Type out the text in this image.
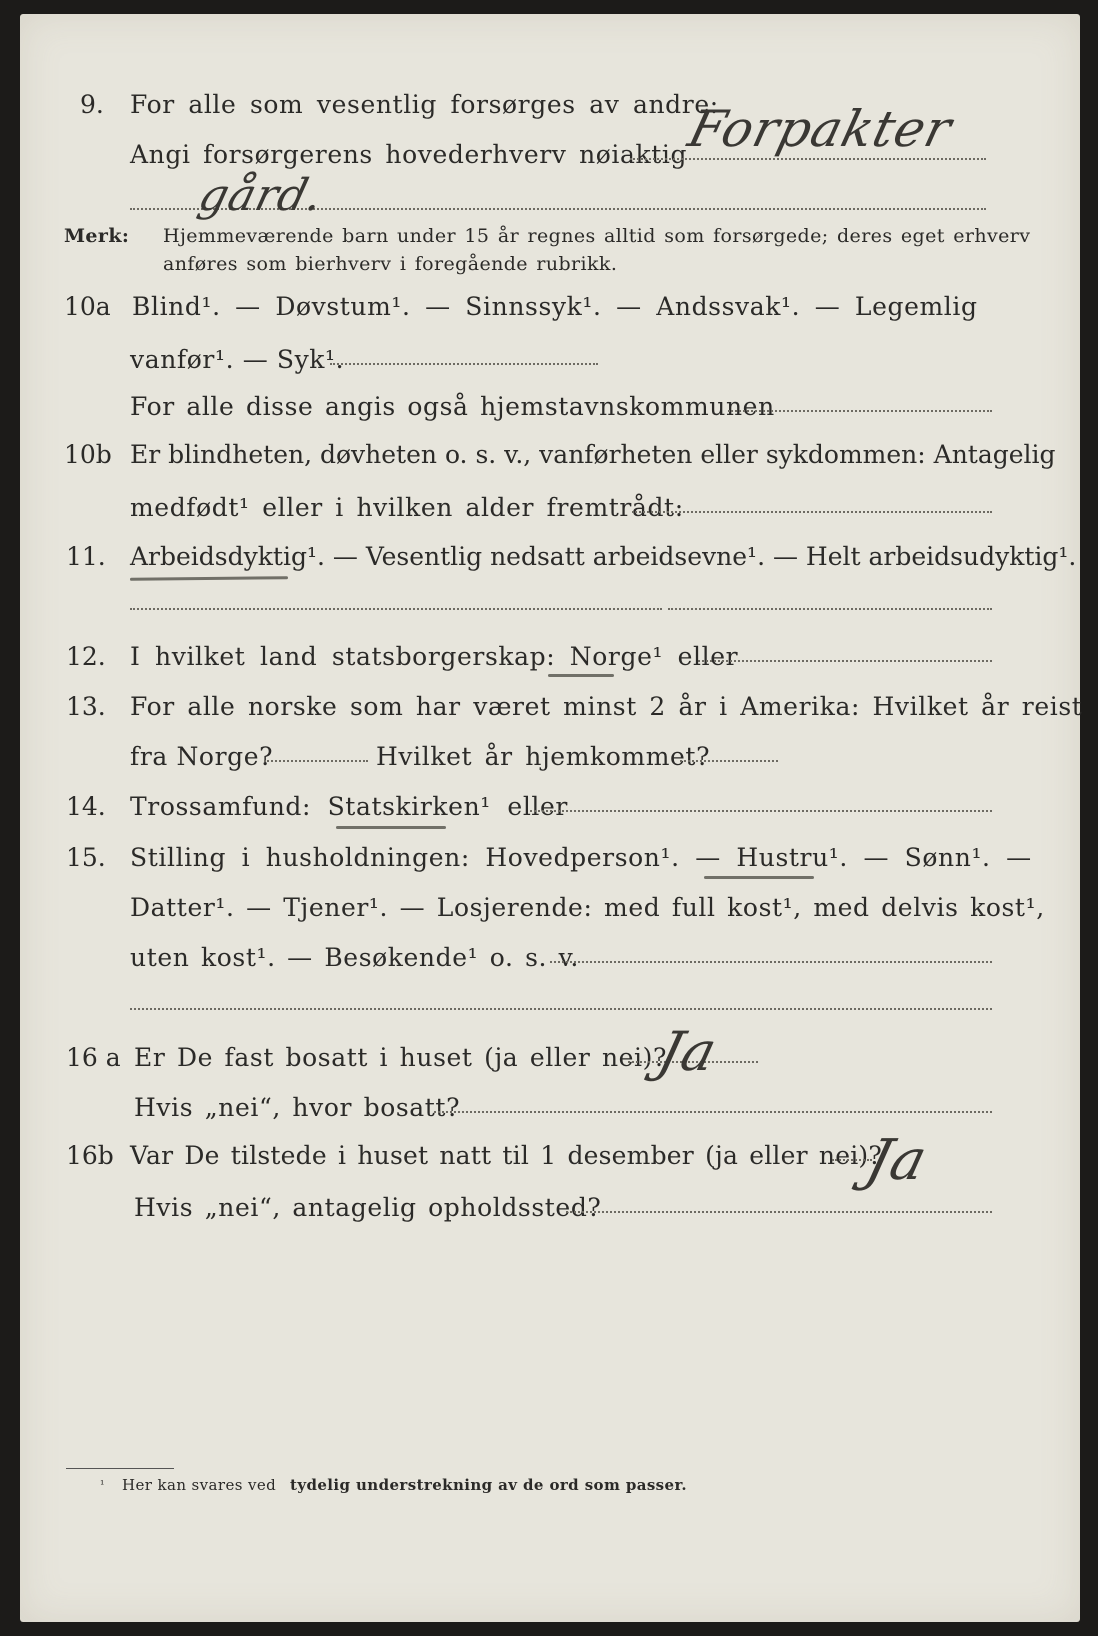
9. For alle som vesentlig forsørges av andre:
Angi forsørgerens hovederhverv nøiaktig
Forpakter
gård.
Merk: Hjemmeværende barn under 15 år regnes alltid som forsørgede; deres eget erhverv
anføres som bierhverv i foregående rubrikk.
10a Blind¹. — Døvstum¹. — Sinnssyk¹. — Andssvak¹. — Legemlig
vanfør¹. — Syk¹.
For alle disse angis også hjemstavnskommunen
10b Er blindheten, døvheten o. s. v., vanførheten eller sykdommen: Antagelig
medfødt¹ eller i hvilken alder fremtrådt:
11. Arbeidsdyktig¹. — Vesentlig nedsatt arbeidsevne¹. — Helt arbeidsudyktig¹.
12. I hvilket land statsborgerskap: Norge¹ eller
13. For alle norske som har været minst 2 år i Amerika: Hvilket år reist
fra Norge?	Hvilket år hjemkommet?
14. Trossamfund: Statskirken¹ eller
15. Stilling i husholdningen: Hovedperson¹. — Hustru¹. — Sønn¹. —
Datter¹. — Tjener¹. — Losjerende: med full kost¹, med delvis kost¹,
uten kost¹. — Besøkende¹ o. s. v.
16 a Er De fast bosatt i huset (ja eller nei)?
Ja
Hvis „nei“, hvor bosatt?
16b Var De tilstede i huset natt til 1 desember (ja eller nei)?
Ja
Hvis „nei“, antagelig opholdssted?
¹ Her kan svares ved tydelig understrekning av de ord som passer.
